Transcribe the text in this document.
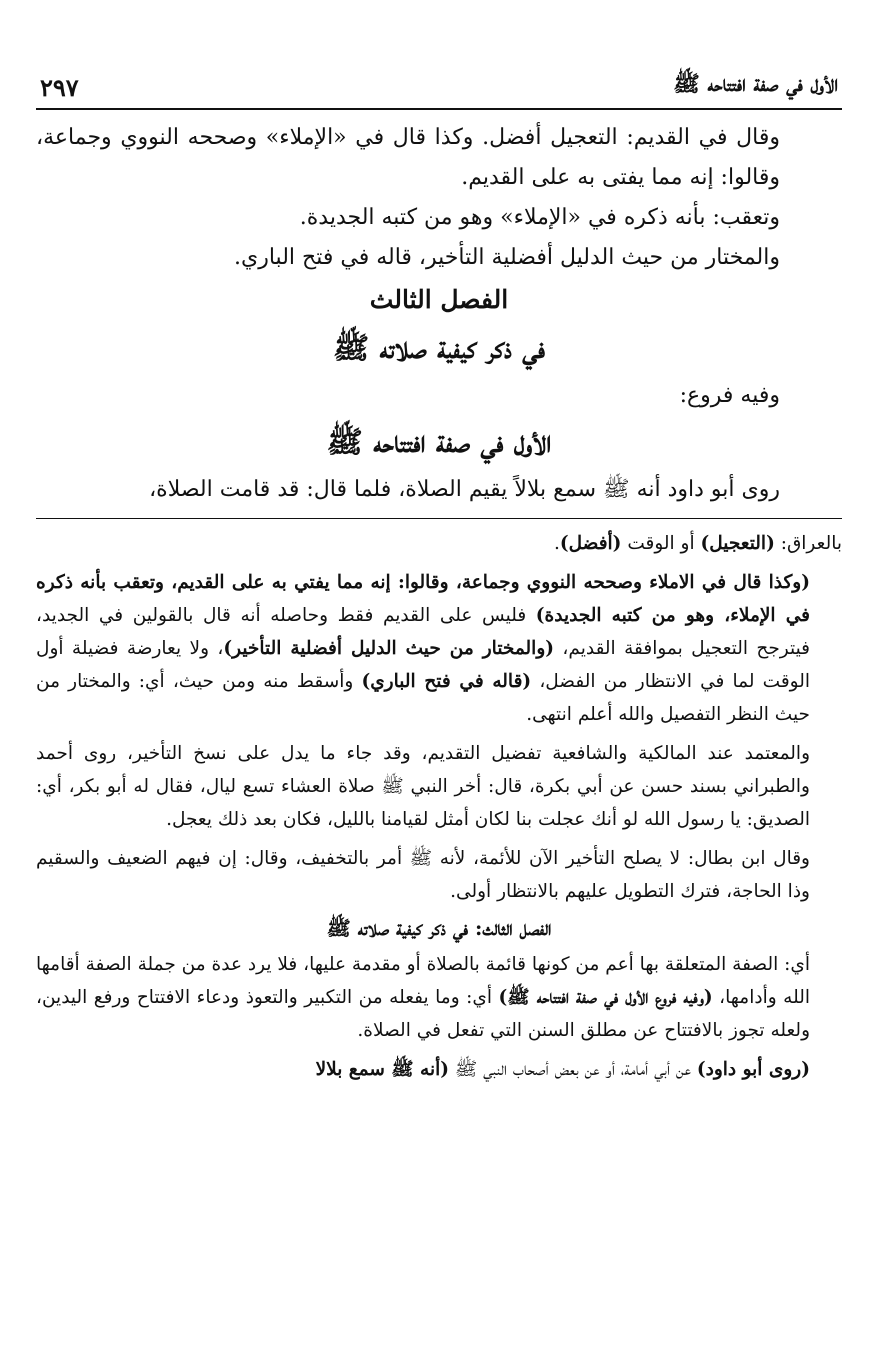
الأول في صفة افتتاحه ﷺ
٢٩٧

وقال في القديم: التعجيل أفضل. وكذا قال في «الإملاء» وصححه النووي وجماعة، وقالوا: إنه مما يفتى به على القديم.

وتعقب: بأنه ذكره في «الإملاء» وهو من كتبه الجديدة.

والمختار من حيث الدليل أفضلية التأخير، قاله في فتح الباري.

الفصل الثالث
في ذكر كيفية صلاته ﷺ

وفيه فروع:

الأول في صفة افتتاحه ﷺ

روى أبو داود أنه ﷺ سمع بلالاً يقيم الصلاة، فلما قال: قد قامت الصلاة،

بالعراق: (التعجيل) أو الوقت (أفضل).

(وكذا قال في الاملاء وصححه النووي وجماعة، وقالوا: إنه مما يفتي به على القديم، وتعقب بأنه ذكره في الإملاء، وهو من كتبه الجديدة) فليس على القديم فقط وحاصله أنه قال بالقولين في الجديد، فيترجح التعجيل بموافقة القديم، (والمختار من حيث الدليل أفضلية التأخير)، ولا يعارضة فضيلة أول الوقت لما في الانتظار من الفضل، (قاله في فتح الباري) وأسقط منه ومن حيث، أي: والمختار من حيث النظر التفصيل والله أعلم انتهى.

والمعتمد عند المالكية والشافعية تفضيل التقديم، وقد جاء ما يدل على نسخ التأخير، روى أحمد والطبراني بسند حسن عن أبي بكرة، قال: أخر النبي ﷺ صلاة العشاء تسع ليال، فقال له أبو بكر، أي: الصديق: يا رسول الله لو أنك عجلت بنا لكان أمثل لقيامنا بالليل، فكان بعد ذلك يعجل.

وقال ابن بطال: لا يصلح التأخير الآن للأئمة، لأنه ﷺ أمر بالتخفيف، وقال: إن فيهم الضعيف والسقيم وذا الحاجة، فترك التطويل عليهم بالانتظار أولى.

الفصل الثالث: في ذكر كيفية صلاته ﷺ

أي: الصفة المتعلقة بها أعم من كونها قائمة بالصلاة أو مقدمة عليها، فلا يرد عدة من جملة الصفة أقامها الله وأدامها، (وفيه فروع الأول في صفة افتتاحه ﷺ) أي: وما يفعله من التكبير والتعوذ ودعاء الافتتاح ورفع اليدين، ولعله تجوز بالافتتاح عن مطلق السنن التي تفعل في الصلاة.

(روى أبو داود) عن أبي أمامة، أو عن بعض أصحاب النبي ﷺ (أنه ﷺ سمع بلالا
